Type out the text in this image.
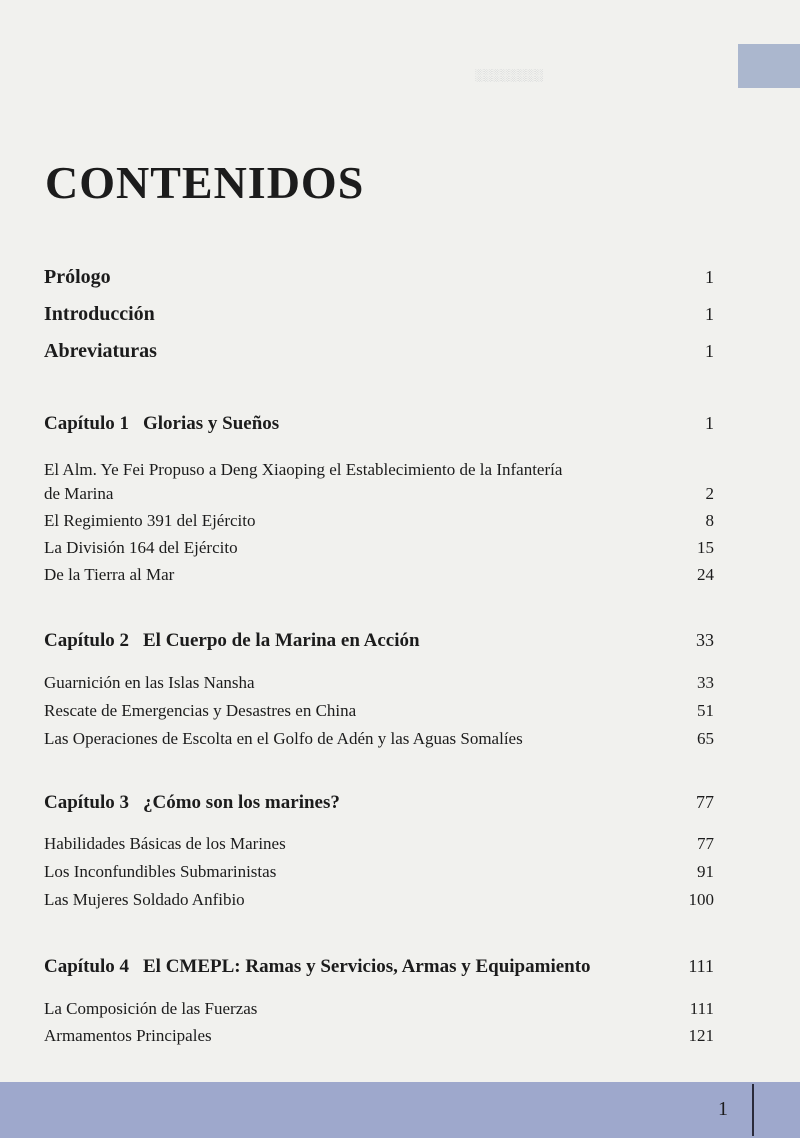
░░░░░░░░
CONTENIDOS
Prólogo	1
Introducción	1
Abreviaturas	1
Capítulo 1 Glorias y Sueños	1
El Alm. Ye Fei Propuso a Deng Xiaoping el Establecimiento de la Infantería
de Marina	2
El Regimiento 391 del Ejército	8
La División 164 del Ejército	15
De la Tierra al Mar	24
Capítulo 2 El Cuerpo de la Marina en Acción	33
Guarnición en las Islas Nansha	33
Rescate de Emergencias y Desastres en China	51
Las Operaciones de Escolta en el Golfo de Adén y las Aguas Somalíes	65
Capítulo 3 ¿Cómo son los marines?	77
Habilidades Básicas de los Marines	77
Los Inconfundibles Submarinistas	91
Las Mujeres Soldado Anfibio	100
Capítulo 4 El CMEPL: Ramas y Servicios, Armas y Equipamiento	111
La Composición de las Fuerzas	111
Armamentos Principales	121
1
